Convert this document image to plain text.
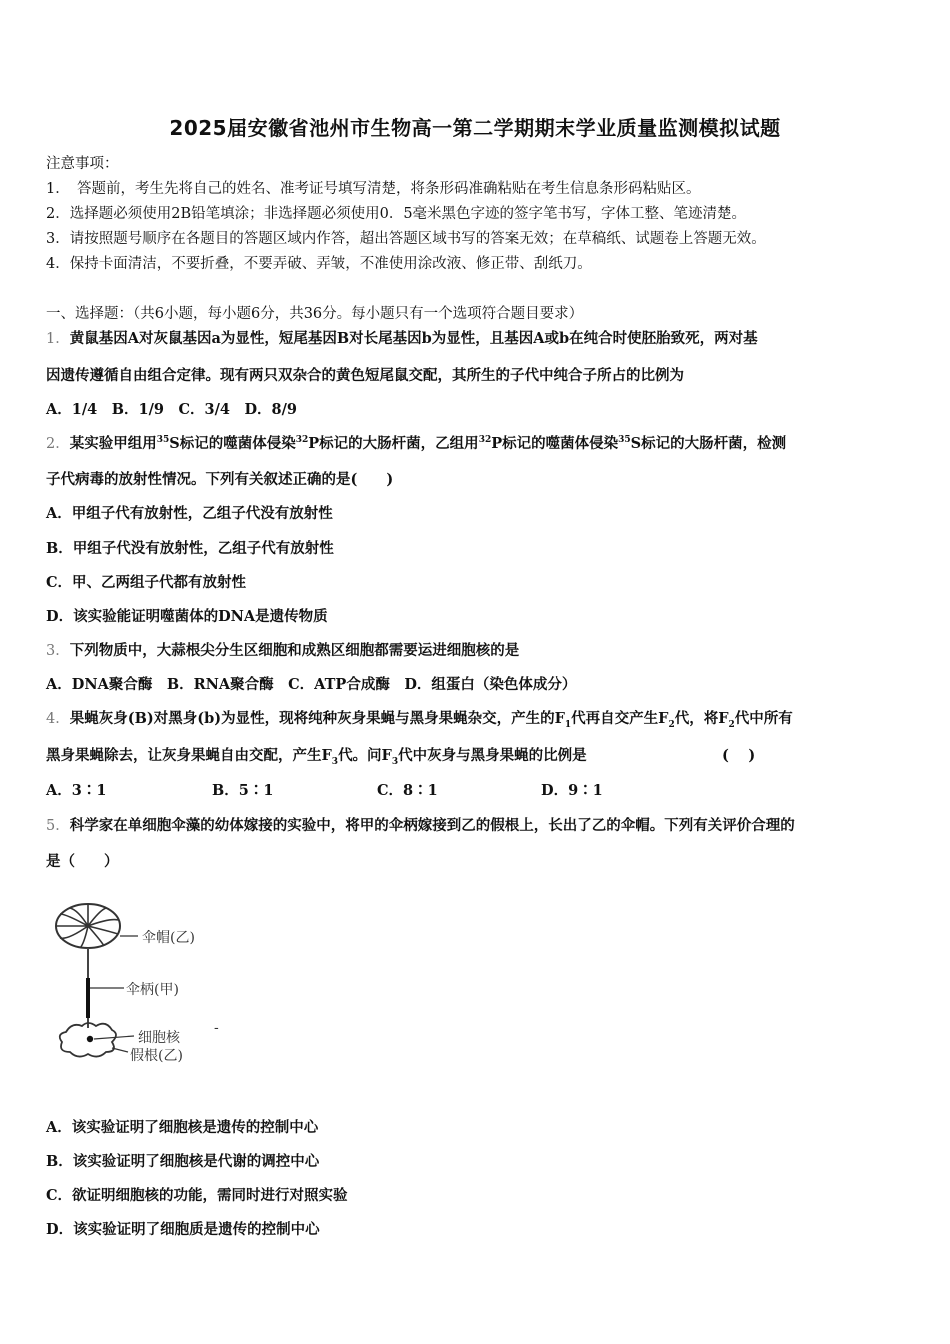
2025届安徽省池州市生物高一第二学期期末学业质量监测模拟试题
注意事项：
1．　答题前，考生先将自己的姓名、准考证号填写清楚，将条形码准确粘贴在考生信息条形码粘贴区。
2．选择题必须使用2B铅笔填涂；非选择题必须使用0．5毫米黑色字迹的签字笔书写，字体工整、笔迹清楚。
3．请按照题号顺序在各题目的答题区域内作答，超出答题区域书写的答案无效；在草稿纸、试题卷上答题无效。
4．保持卡面清洁，不要折叠，不要弄破、弄皱，不准使用涂改液、修正带、刮纸刀。
一、选择题：（共6小题，每小题6分，共36分。每小题只有一个选项符合题目要求）
1．黄鼠基因A对灰鼠基因a为显性，短尾基因B对长尾基因b为显性，且基因A或b在纯合时使胚胎致死，两对基
因遗传遵循自由组合定律。现有两只双杂合的黄色短尾鼠交配，其所生的子代中纯合子所占的比例为
A．1/4　B．1/9　C．3/4　D．8/9
2．某实验甲组用$^{35}$S标记的噬菌体侵染$^{32}$P标记的大肠杆菌，乙组用$^{32}$P标记的噬菌体侵染$^{35}$S标记的大肠杆菌，检测
子代病毒的放射性情况。下列有关叙述正确的是(　　)
A．甲组子代有放射性，乙组子代没有放射性
B．甲组子代没有放射性，乙组子代有放射性
C．甲、乙两组子代都有放射性
D．该实验能证明噬菌体的DNA是遗传物质
3．下列物质中，大蒜根尖分生区细胞和成熟区细胞都需要运进细胞核的是
A．DNA聚合酶　B．RNA聚合酶　C．ATP合成酶　D．组蛋白（染色体成分）
4．果蝇灰身(B)对黑身(b)为显性，现将纯种灰身果蝇与黑身果蝇杂交，产生的$F_1$代再自交产生$F_2$代，将$F_2$代中所有
黑身果蝇除去，让灰身果蝇自由交配，产生$F_3$代。问$F_3$代中灰身与黑身果蝇的比例是	(　 )
A．3∶1	B．5∶1	C．8∶1	D．9∶1
5．科学家在单细胞伞藻的幼体嫁接的实验中，将甲的伞柄嫁接到乙的假根上，长出了乙的伞帽。下列有关评价合理的
是（　　）
伞帽(乙)
伞柄(甲)
细胞核
假根(乙)
-
A．该实验证明了细胞核是遗传的控制中心
B．该实验证明了细胞核是代谢的调控中心
C．欲证明细胞核的功能，需同时进行对照实验
D．该实验证明了细胞质是遗传的控制中心
